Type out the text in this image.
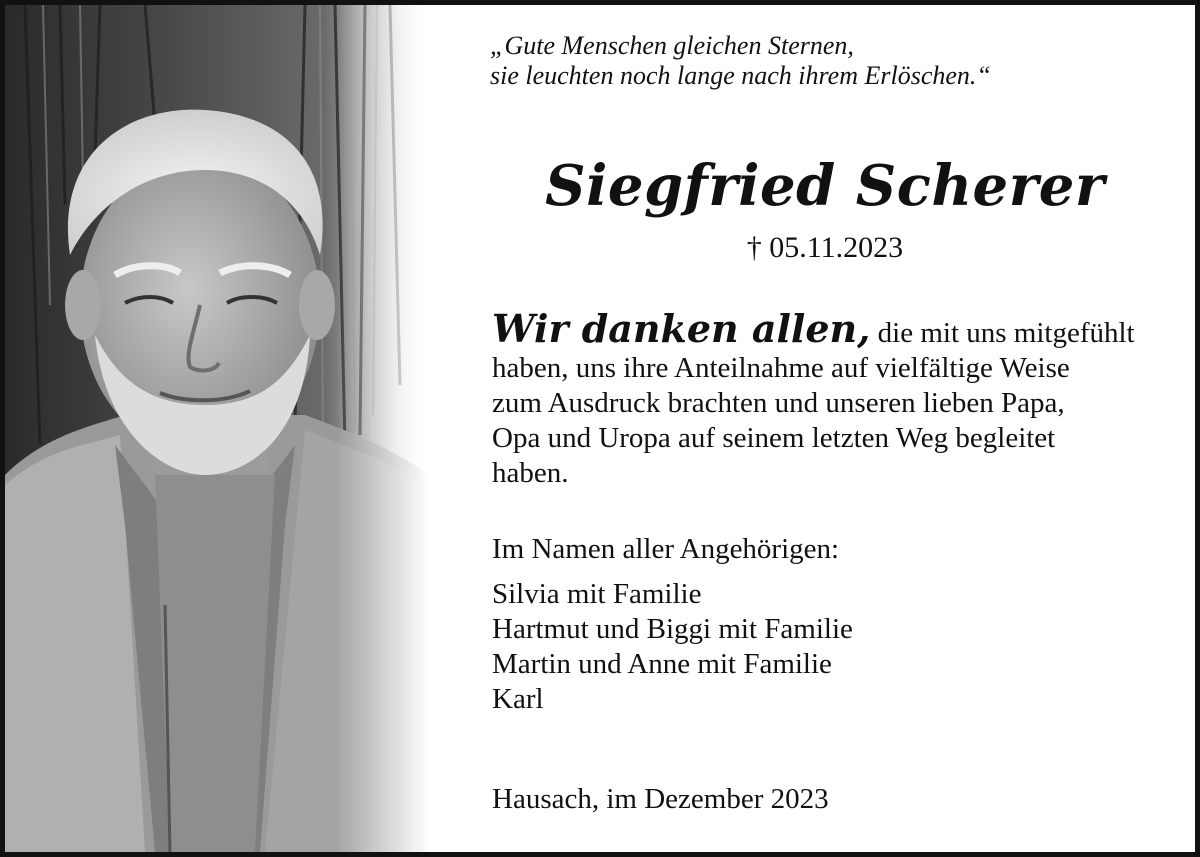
„Gute Menschen gleichen Sternen,
sie leuchten noch lange nach ihrem Erlöschen.“
Siegfried Scherer
† 05.11.2023
Wir danken allen, die mit uns mitgefühlt
haben, uns ihre Anteilnahme auf vielfältige Weise
zum Ausdruck brachten und unseren lieben Papa,
Opa und Uropa auf seinem letzten Weg begleitet
haben.
Im Namen aller Angehörigen:
Silvia mit Familie
Hartmut und Biggi mit Familie
Martin und Anne mit Familie
Karl
Hausach, im Dezember 2023
